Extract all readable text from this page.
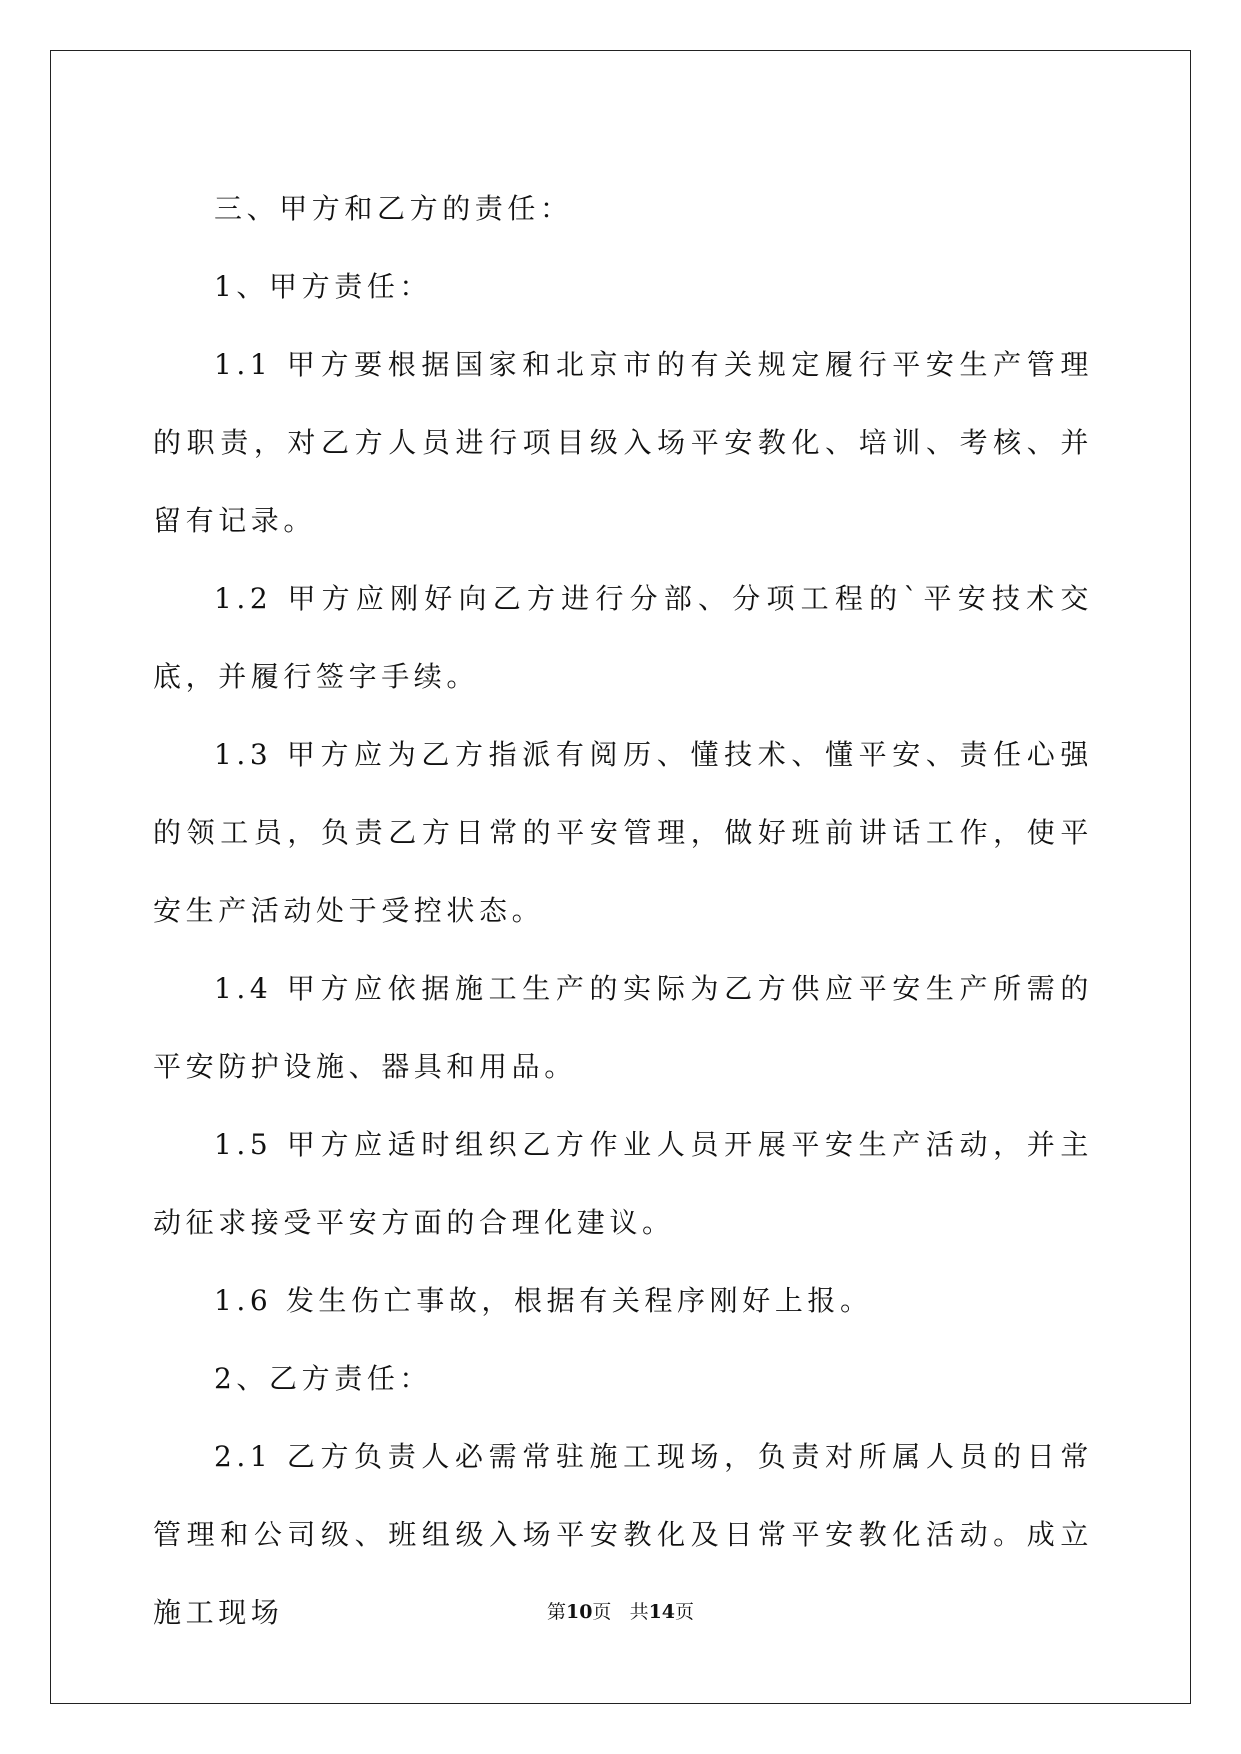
三、甲方和乙方的责任：

1、甲方责任：

1.1 甲方要根据国家和北京市的有关规定履行平安生产管理的职责，对乙方人员进行项目级入场平安教化、培训、考核、并留有记录。

1.2 甲方应刚好向乙方进行分部、分项工程的`平安技术交底，并履行签字手续。

1.3 甲方应为乙方指派有阅历、懂技术、懂平安、责任心强的领工员，负责乙方日常的平安管理，做好班前讲话工作，使平安生产活动处于受控状态。

1.4 甲方应依据施工生产的实际为乙方供应平安生产所需的平安防护设施、器具和用品。

1.5 甲方应适时组织乙方作业人员开展平安生产活动，并主动征求接受平安方面的合理化建议。

1.6 发生伤亡事故，根据有关程序刚好上报。

2、乙方责任：

2.1 乙方负责人必需常驻施工现场，负责对所属人员的日常管理和公司级、班组级入场平安教化及日常平安教化活动。成立施工现场	第10页 共14页
